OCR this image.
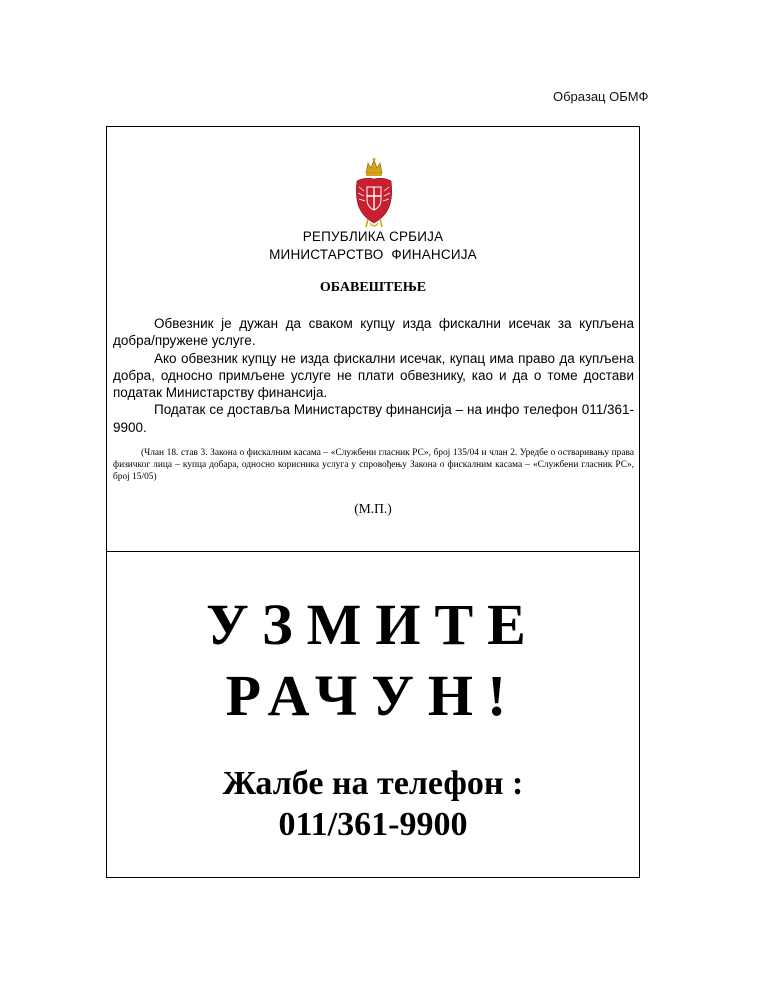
Образац ОБМФ
РЕПУБЛИКА СРБИЈА
МИНИСТАРСТВО ФИНАНСИЈА
ОБАВЕШТЕЊЕ

Обвезник је дужан да сваком купцу изда фискални исечак за купљена добра/пружене услуге.

Ако обвезник купцу не изда фискални исечак, купац има право да купљена добра, односно примљене услуге не плати обвезнику, као и да о томе достави податак Министарству финансија.

Податак се доставља Министарству финансија – на инфо телефон 011/361-9900.

(Члан 18. став 3. Закона о фискалним касама – «Службени гласник РС», број 135/04 и члан 2. Уредбе о остваривању права физичког лица – купца добара, односно корисника услуга у спровођењу Закона о фискалним касама – «Службени гласник РС», број 15/05)
(М.П.)
УЗМИТЕ
РАЧУН!
Жалбе на телефон :
011/361-9900
